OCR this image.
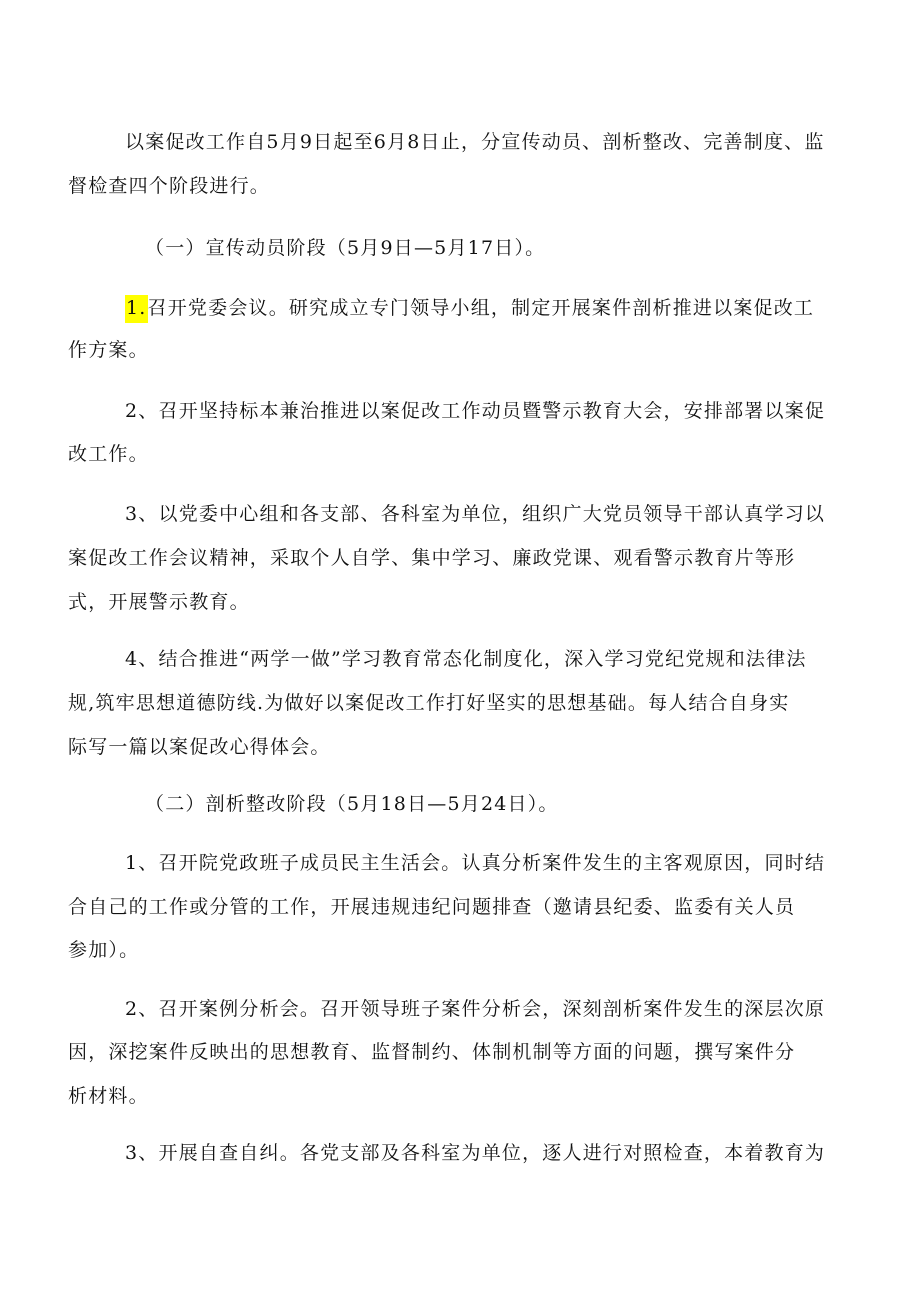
以案促改工作自5月9日起至6月8日止，分宣传动员、剖析整改、完善制度、监
督检查四个阶段进行。
（一）宣传动员阶段（5月9日—5月17日）。
1.召开党委会议。研究成立专门领导小组，制定开展案件剖析推进以案促改工
作方案。
2、召开坚持标本兼治推进以案促改工作动员暨警示教育大会，安排部署以案促
改工作。
3、以党委中心组和各支部、各科室为单位，组织广大党员领导干部认真学习以
案促改工作会议精神，采取个人自学、集中学习、廉政党课、观看警示教育片等形
式，开展警示教育。
4、结合推进“两学一做”学习教育常态化制度化，深入学习党纪党规和法律法
规,筑牢思想道德防线.为做好以案促改工作打好坚实的思想基础。每人结合自身实
际写一篇以案促改心得体会。
（二）剖析整改阶段（5月18日—5月24日）。
1、召开院党政班子成员民主生活会。认真分析案件发生的主客观原因，同时结
合自己的工作或分管的工作，开展违规违纪问题排查（邀请县纪委、监委有关人员
参加）。
2、召开案例分析会。召开领导班子案件分析会，深刻剖析案件发生的深层次原
因，深挖案件反映出的思想教育、监督制约、体制机制等方面的问题，撰写案件分
析材料。
3、开展自查自纠。各党支部及各科室为单位，逐人进行对照检查，本着教育为
